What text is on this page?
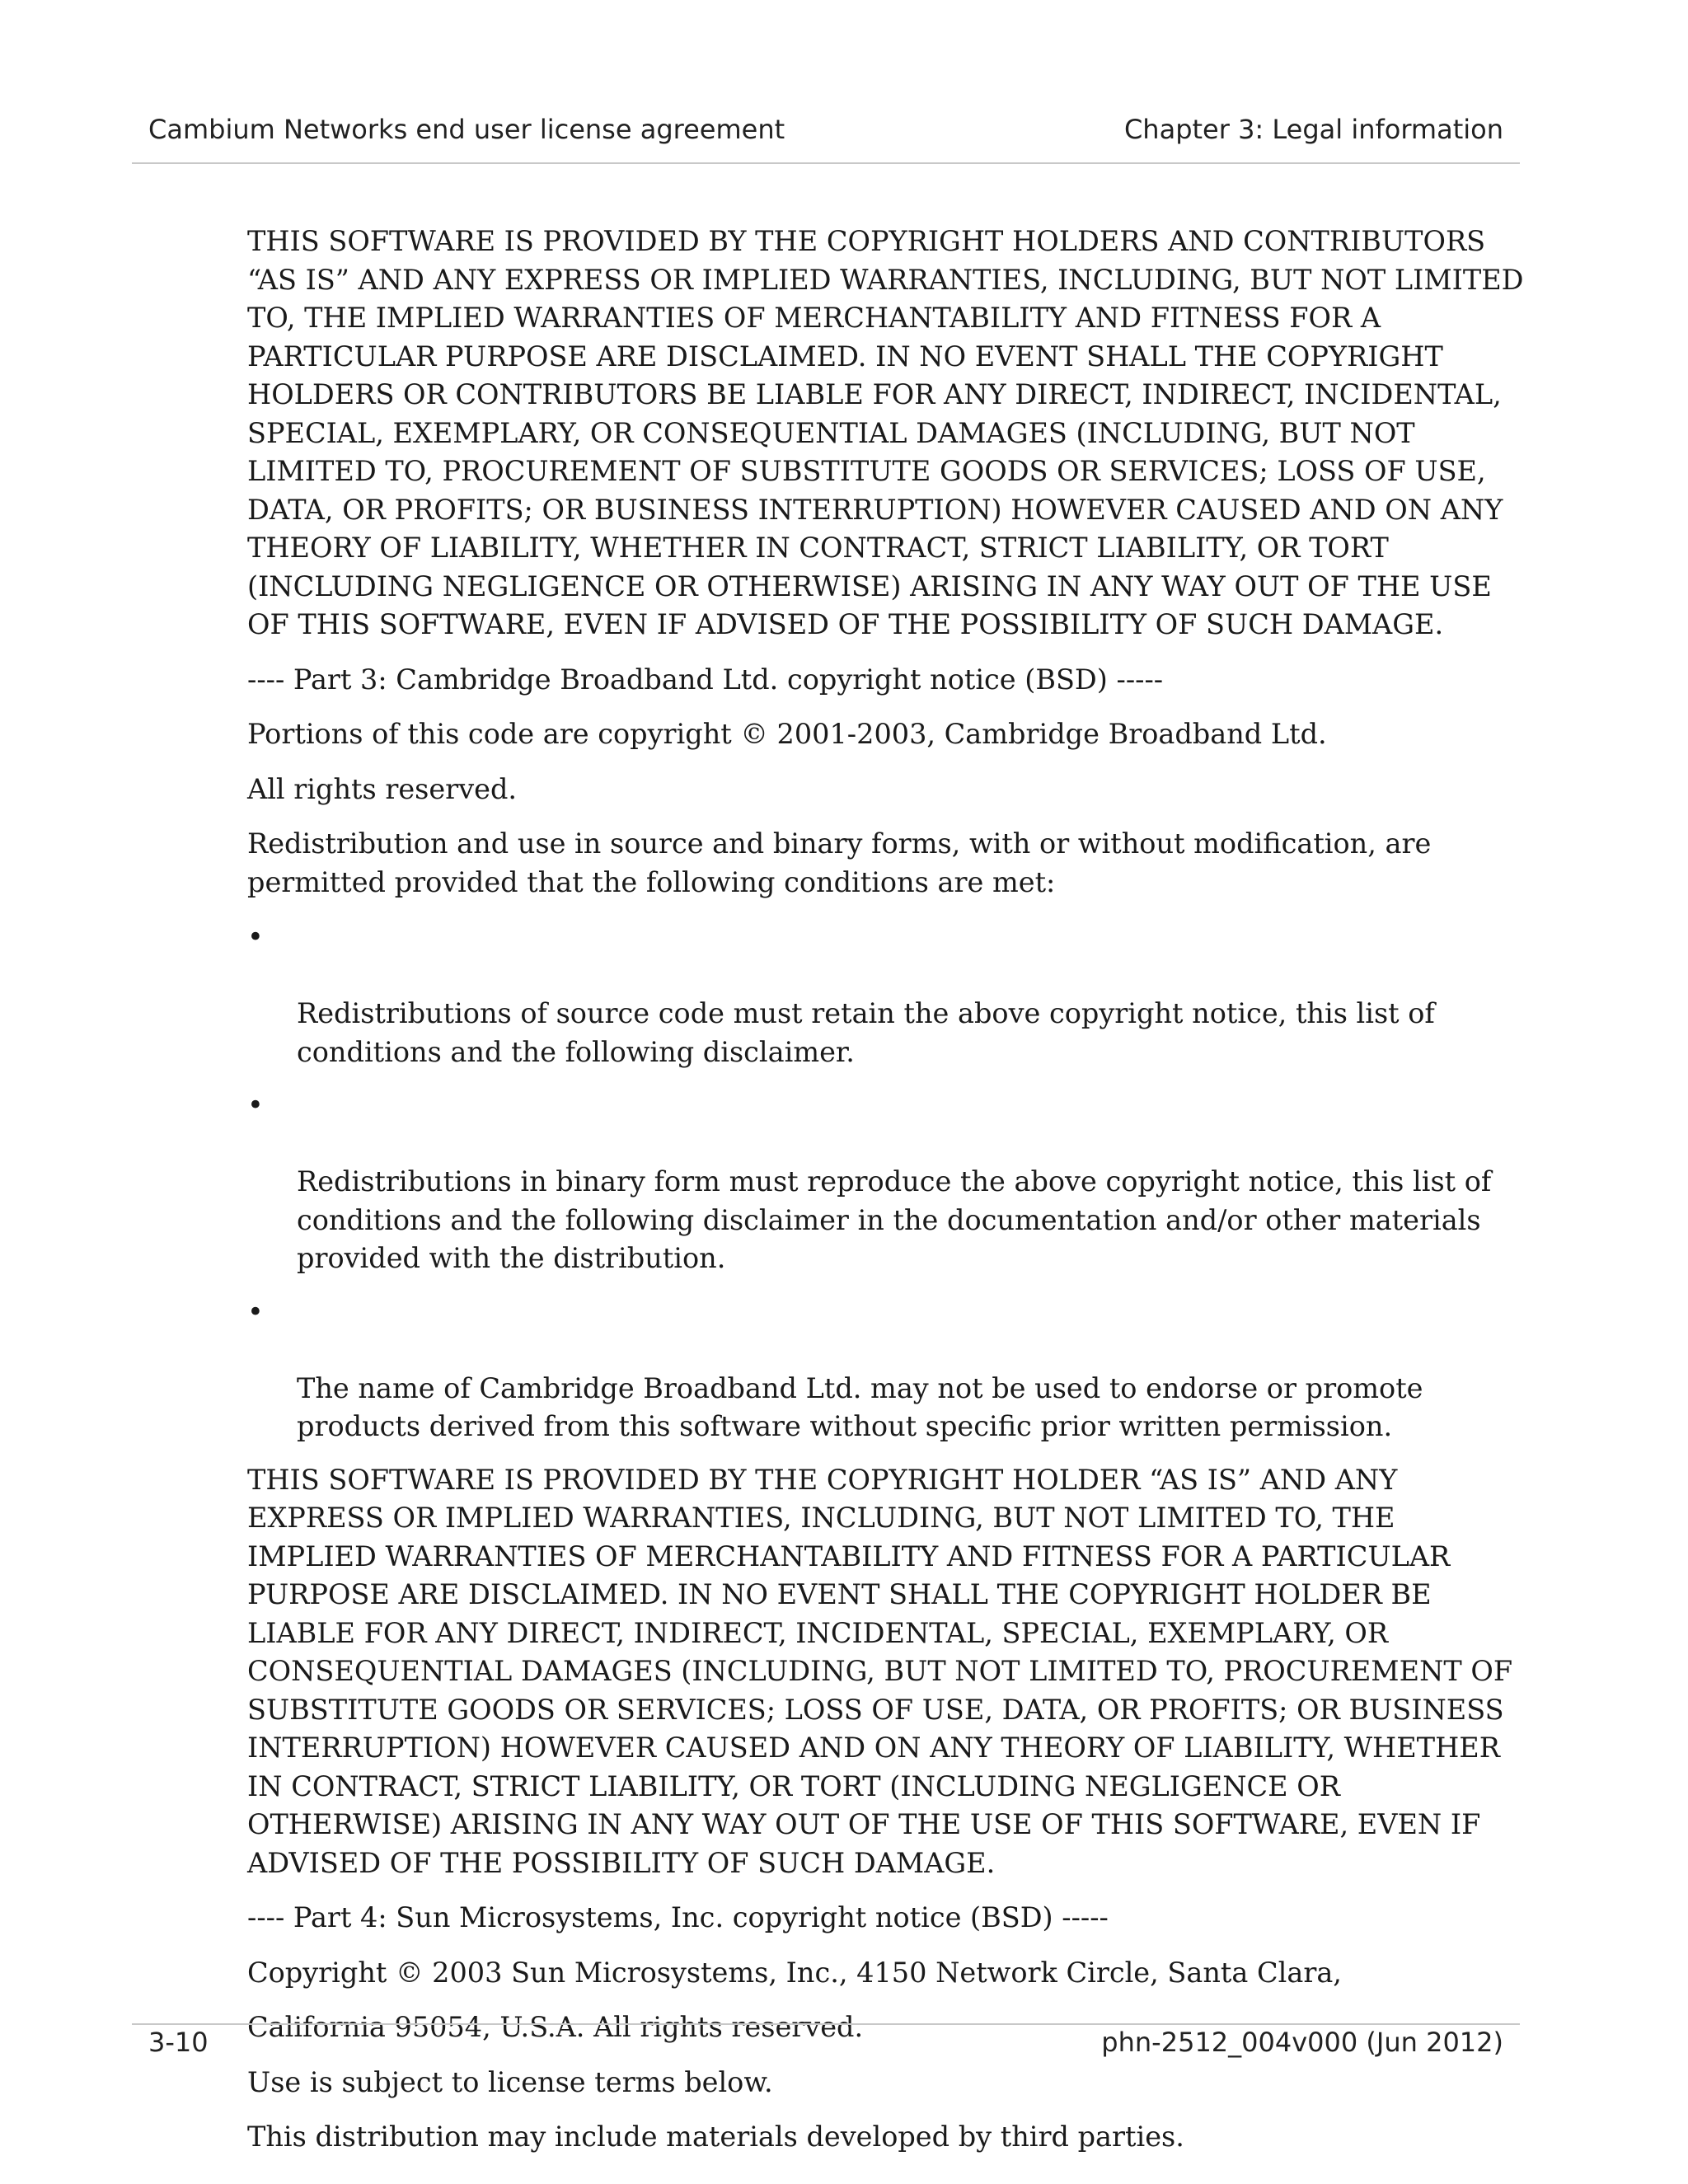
Cambium Networks end user license agreement	Chapter 3: Legal information

THIS SOFTWARE IS PROVIDED BY THE COPYRIGHT HOLDERS AND CONTRIBUTORS
“AS IS” AND ANY EXPRESS OR IMPLIED WARRANTIES, INCLUDING, BUT NOT LIMITED
TO, THE IMPLIED WARRANTIES OF MERCHANTABILITY AND FITNESS FOR A
PARTICULAR PURPOSE ARE DISCLAIMED. IN NO EVENT SHALL THE COPYRIGHT
HOLDERS OR CONTRIBUTORS BE LIABLE FOR ANY DIRECT, INDIRECT, INCIDENTAL,
SPECIAL, EXEMPLARY, OR CONSEQUENTIAL DAMAGES (INCLUDING, BUT NOT
LIMITED TO, PROCUREMENT OF SUBSTITUTE GOODS OR SERVICES; LOSS OF USE,
DATA, OR PROFITS; OR BUSINESS INTERRUPTION) HOWEVER CAUSED AND ON ANY
THEORY OF LIABILITY, WHETHER IN CONTRACT, STRICT LIABILITY, OR TORT
(INCLUDING NEGLIGENCE OR OTHERWISE) ARISING IN ANY WAY OUT OF THE USE
OF THIS SOFTWARE, EVEN IF ADVISED OF THE POSSIBILITY OF SUCH DAMAGE.

---- Part 3: Cambridge Broadband Ltd. copyright notice (BSD) -----

Portions of this code are copyright © 2001-2003, Cambridge Broadband Ltd.

All rights reserved.

Redistribution and use in source and binary forms, with or without modification, are
permitted provided that the following conditions are met:

•

Redistributions of source code must retain the above copyright notice, this list of
conditions and the following disclaimer.

•

Redistributions in binary form must reproduce the above copyright notice, this list of
conditions and the following disclaimer in the documentation and/or other materials
provided with the distribution.

•

The name of Cambridge Broadband Ltd. may not be used to endorse or promote
products derived from this software without specific prior written permission.

THIS SOFTWARE IS PROVIDED BY THE COPYRIGHT HOLDER “AS IS” AND ANY
EXPRESS OR IMPLIED WARRANTIES, INCLUDING, BUT NOT LIMITED TO, THE
IMPLIED WARRANTIES OF MERCHANTABILITY AND FITNESS FOR A PARTICULAR
PURPOSE ARE DISCLAIMED. IN NO EVENT SHALL THE COPYRIGHT HOLDER BE
LIABLE FOR ANY DIRECT, INDIRECT, INCIDENTAL, SPECIAL, EXEMPLARY, OR
CONSEQUENTIAL DAMAGES (INCLUDING, BUT NOT LIMITED TO, PROCUREMENT OF
SUBSTITUTE GOODS OR SERVICES; LOSS OF USE, DATA, OR PROFITS; OR BUSINESS
INTERRUPTION) HOWEVER CAUSED AND ON ANY THEORY OF LIABILITY, WHETHER
IN CONTRACT, STRICT LIABILITY, OR TORT (INCLUDING NEGLIGENCE OR
OTHERWISE) ARISING IN ANY WAY OUT OF THE USE OF THIS SOFTWARE, EVEN IF
ADVISED OF THE POSSIBILITY OF SUCH DAMAGE.

---- Part 4: Sun Microsystems, Inc. copyright notice (BSD) -----

Copyright © 2003 Sun Microsystems, Inc., 4150 Network Circle, Santa Clara,

California 95054, U.S.A. All rights reserved.

Use is subject to license terms below.

This distribution may include materials developed by third parties.

3-10	phn-2512_004v000 (Jun 2012)
